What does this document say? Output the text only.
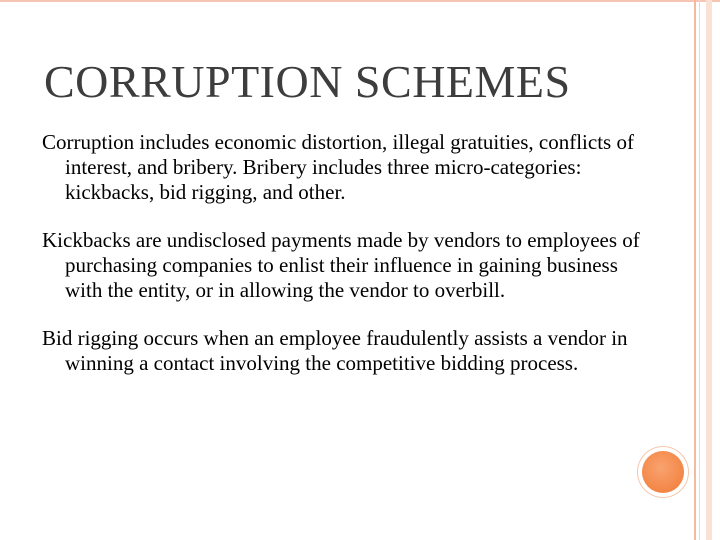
CORRUPTION SCHEMES

Corruption includes economic distortion, illegal gratuities, conflicts of interest, and bribery. Bribery includes three micro-categories: kickbacks, bid rigging, and other.

Kickbacks are undisclosed payments made by vendors to employees of purchasing companies to enlist their influence in gaining business with the entity, or in allowing the vendor to overbill.

Bid rigging occurs when an employee fraudulently assists a vendor in winning a contact involving the competitive bidding process.
